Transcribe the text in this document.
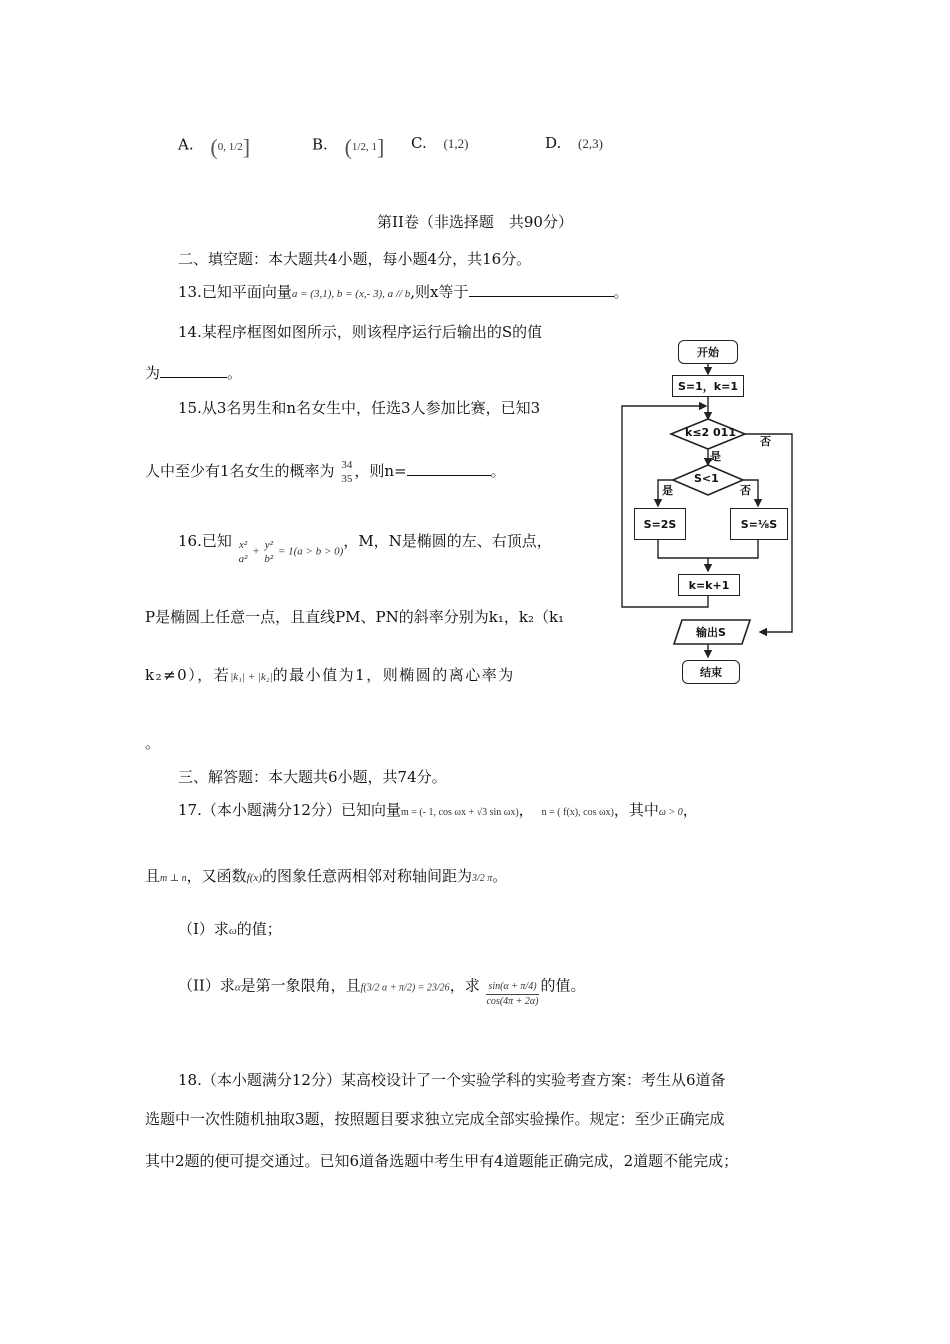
A. (0, 1/2]	B. (1/2, 1] C. (1,2)	D. (2,3)
第II卷（非选择题　共90分）
二、填空题：本大题共4小题，每小题4分，共16分。
13.已知平面向量a = (3,1), b = (x,- 3), a // b,则x等于	。
14.某程序框图如图所示，则该程序运行后输出的S的值
为	。
15.从3名男生和n名女生中，任选3人参加比赛，已知3
人中至少有1名女生的概率为 34
35 ，则n=	。
16.已知 x²
a²
+
y²
b²
= 1(a > b > 0)，M，N是椭圆的左、右顶点，
P是椭圆上任意一点，且直线PM、PN的斜率分别为k₁，k₂（k₁
k₂≠0），若|k₁| + |k₂|的最小值为1，则椭圆的离心率为
。
三、解答题：本大题共6小题，共74分。
17.（本小题满分12分）已知向量m = (- 1, cos ωx + √3 sin ωx)， n = ( f(x), cos ωx)，其中ω > 0，
且m ⊥ n，又函数f(x)的图象任意两相邻对称轴间距为3/2 π。
（I）求ω的值；
（II）求α是第一象限角，且f(3/2 α + π/2) = 23/26，求 $\frac{\sin(\alpha + \pi/4)}{\cos(4\pi + 2\alpha)}$ 的值。
18.（本小题满分12分）某高校设计了一个实验学科的实验考查方案：考生从6道备
选题中一次性随机抽取3题，按照题目要求独立完成全部实验操作。规定：至少正确完成
其中2题的便可提交通过。已知6道备选题中考生甲有4道题能正确完成，2道题不能完成；
开始
S=1，k=1
k≤2 011
否
是
S<1
是	否
S=2S	S=⅛S
k=k+1
输出S
结束
